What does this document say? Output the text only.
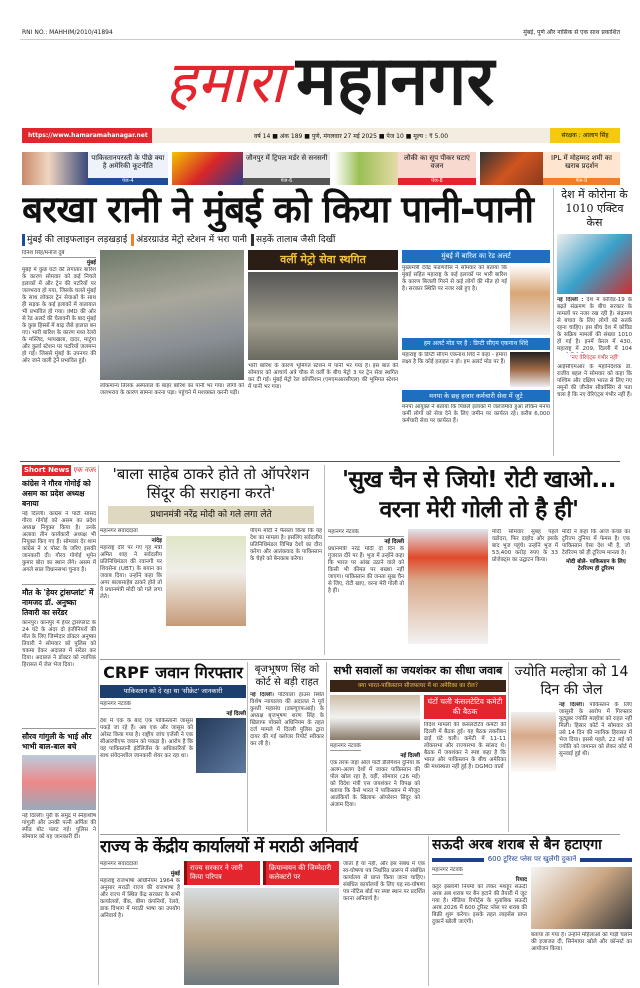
RNI NO.: MAHHIM/2010/41894	मुंबई, पुणे और नासिक से एक साथ प्रकाशित
हमारा महानगर
https://www.hamaramahanagar.net	वर्ष 14 ■ अंक 189 ■ पुणे, मंगलवार 27 मई 2025 ■ पेज 10 ■ मूल्य : ₹ 5.00	संरक्षक : आलाप सिंह
पाकिस्तानपरस्ती के पीछे क्या है अमेरिकी कूटनीति
पेज-4
जौनपुर में ट्रिपल मर्डर से सनसनी
पेज-6
लौकी का सूप पीकर घटाएं वजन
पेज-8
IPL में मोहम्मद शमी का खराब प्रदर्शन
पेज-9
बरखा रानी ने मुंबई को किया पानी-पानी
मुंबई की लाइफलाइन लड़खड़ाई	अंडरग्राउंड मेट्रो स्टेशन में भरा पानी	सड़कें तालाब जैसी दिखीं
दिनेश सिंह/मनोज दुबे
मुंबई
मुंबई में कुछ घंटों की लगातार बारिश के कारण सोमवार को कई निचले इलाकों में और ट्रेन की पटरियों पर जलभराव हो गया, जिसके चलते मुंबई के साथ लोकल ट्रेन सेवाओं के साथ ही सड़क के कई इलाकों में यातायात भी प्रभावित हो गया। IMD की ओर से रेड अलर्ट की चेतावनी के बाद मुंबई के कुछ हिस्सों में बाढ़ जैसे हालात बन गए। भारी बारिश के कारण मध्य रेलवे के मस्जिद, भायखला, दादर, माटुंगा और कुर्ला स्टेशन पर पटरियों जलमग्न हो गईं। जिससे मुंबई के उपनगर की ओर जाने वाली ट्रेनें प्रभावित हुईं।
लोकमान्य तिलक अस्पताल के बाहर बारिश का पानी भर गया। लोगों को जलभराव के कारण सामना करना पड़ा। पहुंचने में मशक्कत करनी पड़ी।
वर्ली मेट्रो सेवा स्थगित
भारी बारिश के कारण भूमिगत स्टेशन में पानी भर गया है। इस बात की सोमवार को आचार्य अत्रे चौक से वर्ली के बीच मेट्रो 3 पर ट्रेन सेवा स्थगित कर दी गई। मुंबई मेट्रो रेल कॉर्पोरेशन (एमएमआरसीएल) की भूमिगत स्टेशन में पानी भर गया।
मुंबई में बारिश का रेड अलर्ट
मुख्यमंत्री देवेंद्र फडणवीस ने सोमवार को बताया कि मुंबई सहित महाराष्ट्र के कई इलाकों पर भारी बारिश के कारण बिजली गिरने से कई लोगों की मौत हो गई है। सरकार स्थिति पर नजर रखे हुए है।
हम अलर्ट मोड पर है : डिप्टी सीएम एकनाथ शिंदे
महाराष्ट्र के डिप्टी सीएम एकनाथ शिंदे ने कहा - हमारा लक्ष्य है कि कोई हताहत न हो। हम अलर्ट मोड पर हैं।
मनपा के छह हजार कर्मचारी सेवा में जुटे
मनपा आयुक्त ने बताया कि पिछले इलाकों में जलजमाव हुआ लेकिन मनपा कर्मी लोगों को सेवा देने के लिए जमीन पर कार्यरत रहे। करीब 6,000 कर्मचारी सेवा पर कार्यरत हैं।
देश में कोरोना के 1010 एक्टिव केस
नई दिल्ली : देश में कोविड-19 के बढ़ते संक्रमण के बीच सरकार के मामलों पर नजर रख रही है। संक्रमण से बचाव के लिए लोगों को सतर्क रहना चाहिए। इस बीच देश में कोविड के सक्रिय मामलों की संख्या 1010 हो गई है। इनमें केरल में 430, महाराष्ट्र में 209, दिल्ली में 104
'नए वेरिएंट्स गंभीर नहीं'
आईसीएमआर के महानिदेशक डॉ. राजीव बहल ने सोमवार को कहा कि पश्चिम और दक्षिण भारत से लिए गए नमूनों की जीनोम सीक्वेंसिंग से पता चला है कि नए वेरिएंट्स गंभीर नहीं हैं।
Short News एक नजर
कांग्रेस ने गौरव गोगोई को असम का प्रदेश अध्यक्ष बनाया
नई दिल्ली। कांग्रेस ने पार्टी सांसद गौरव गोगोई को असम का प्रदेश अध्यक्ष नियुक्त किया है। उनके अलावा तीन कार्यकारी अध्यक्ष भी नियुक्त किए गए हैं। सोमवार देर शाम कांग्रेस ने X पोस्ट के जरिए इसकी जानकारी दी। गौरव गोगोई भूपेन कुमार बोरा का स्थान लेंगे। असम में अगले साल विधानसभा चुनाव है।
मौत के 'हेयर ट्रांसप्लांट' में नामजद डॉ. अनुष्का तिवारी का सरेंडर
कानपुर। कानपुर में हेयर ट्रांसप्लांट के 24 घंटे के अंदर दो इंजीनियरों की मौत के लिए जिम्मेदार डॉक्टर अनुष्का तिवारी ने सोमवार को पुलिस को चकमा देकर अदालत में सरेंडर कर दिया। अदालत ने डॉक्टर को न्यायिक हिरासत में जेल भेज दिया।
सौरव गांगुली के भाई और भाभी बाल-बाल बचे
नई दिल्ली। पुरी के समुद्र में स्नेहाशीष गांगुली और उनकी पत्नी अर्पिता की स्पीड बोट पलट गई। पुलिस ने सोमवार को यह जानकारी दी।
'बाला साहेब ठाकरे होते तो ऑपरेशन सिंदूर की सराहना करते'
प्रधानमंत्री नरेंद्र मोदी को गले लगा लेते
महानगर संवाददाता
नांदेड़
महाराष्ट्र दौरे पर गए गृह मंत्री अमित शाह ने सर्वदलीय प्रतिनिधिमंडल की रवानगी पर शिवसेना (UBT) के बयान का जवाब दिया। उन्होंने कहा कि अगर बालासाहेब ठाकरे होते तो वे प्रधानमंत्री मोदी को गले लगा लेते।
पीएम मोदी ने फैसला किया कि यह देश का मामला है। इसलिए सर्वदलीय प्रतिनिधिमंडल विभिन्न देशों का दौरा करेगा और आतंकवाद के पाकिस्तान के चेहरे को बेनकाब करेगा।
'सुख चैन से जियो! रोटी खाओ... वरना मेरी गोली तो है ही'
महानगर नेटवर्क
नई दिल्ली
प्रधानमंत्री नरेंद्र मोदी दो दिन के गुजरात दौरे पर हैं। भुज में उन्होंने कहा कि भारत पर आंख उठाने वाले को किसी भी कीमत पर बख्शा नहीं जाएगा। पाकिस्तान की जनता सुख चैन से जिए, रोटी खाए, वरना मेरी गोली तो है ही।
मोदी सोमवार सुबह पहले वडोदरा, फिर दाहोद और इसके बाद भुज पहुंचे। उन्होंने भुज में 53,400 करोड़ रुपए के 33 प्रोजेक्ट्स का उद्घाटन किया।
मोदी ने कहा कि आज कच्छ का टूरिज्म दुनिया में फेमस है। एक पाकिस्तान ऐसा देश भी है, जो टेररिज्म को ही टूरिज्म मानता है।
मोदी बोले- पाकिस्तान के लिए टेररिज्म ही टूरिज्म
CRPF जवान गिरफ्तार
पाकिस्तान को दे रहा था 'सीक्रेट' जानकारी
महानगर नेटवर्क
नई दिल्ली
देश में एक के बाद एक पाकिस्तानी जासूस पकड़े जा रहे हैं। अब एक और जासूस को अरेस्ट किया गया है। राष्ट्रीय जांच एजेंसी ने एक सीआरपीएफ जवान को पकड़ा है। आरोप है कि वह पाकिस्तानी इंटेलिजेंस के अधिकारियों के साथ संवेदनशील जानकारी शेयर कर रहा था।
बृजभूषण सिंह को कोर्ट से बड़ी राहत
नई दिल्ली। पटियाला हाउस स्थित विशेष न्यायालय की अदालत ने पूर्व कुश्ती महासंघ (डब्ल्यूएफआई) के अध्यक्ष बृजभूषण शरण सिंह के खिलाफ पॉक्सो अधिनियम के तहत दर्ज मामले में दिल्ली पुलिस द्वारा दायर की गई क्लोजर रिपोर्ट स्वीकार कर ली है।
सभी सवालों का जयशंकर का सीधा जवाब
क्या भारत-पाकिस्तान सीजफायर में था अमेरिका का रोल?
महानगर नेटवर्क
नई दिल्ली
एक तरफ जहां ऑल पार्टी डेलिगेशन दुनिया के अलग-अलग देशों में जाकर पाकिस्तान की पोल खोल रहा है, वहीं, सोमवार (26 मई) को विदेश मंत्री एस जयशंकर ने विपक्ष को बताया कि कैसे भारत ने पाकिस्तान में मौजूद आतंकियों के खिलाफ ऑपरेशन सिंदूर को अंजाम दिया।
घंटों चली कंसलटेटिव कमेटी की बैठक
विदेश मामलों की कंसलटेटिव कमेटी की दिल्ली में बैठक हुई। यह बैठक तकरीबन ढाई घंटे चली। कमेटी में 11-11 लोकसभा और राज्यसभा के सांसद थे। बैठक में जयशंकर ने स्पष्ट कहा है कि भारत और पाकिस्तान के बीच अमेरिका की मध्यस्थता नहीं हुई है। DGMO वार्ता
ज्योति मल्होत्रा को 14 दिन की जेल
नई दिल्ली। पाकिस्तान के लिए जासूसी के आरोप में गिरफ्तार यूट्यूबर ज्योति मल्होत्रा को राहत नहीं मिली। हिसार कोर्ट ने सोमवार को उसे 14 दिन की न्यायिक हिरासत में भेज दिया। इससे पहले, 22 मई को ज्योति को जमानत को लेकर कोर्ट में सुनवाई हुई थी।
राज्य के केंद्रीय कार्यालयों में मराठी अनिवार्य
महानगर संवाददाता
मुंबई
महाराष्ट्र राजभाषा अधिनियम 1964 के अनुसार मराठी राज्य की राजभाषा है और राज्य में स्थित केंद्र सरकार के सभी कार्यालयों, बैंक, बीमा कंपनियों, रेलवे, डाक विभाग में मराठी भाषा का उपयोग अनिवार्य है।
राज्य सरकार ने जारी किया परिपत्र
क्रियान्वयन की जिम्मेदारी कलेक्टरों पर
जाता है या नहीं, और इस संबंध में एक स्व-घोषणा पत्र निर्धारित प्रारूप में संबंधित कार्यालय से प्राप्त किया जाना चाहिए। संबंधित कार्यालयों के लिए यह स्व-घोषणा पत्र नोटिस बोर्ड पर स्पष्ट स्थान पर प्रदर्शित करना अनिवार्य है।
सऊदी अरब शराब से बैन हटाएगा
600 टूरिस्ट प्लेस पर खुलेंगी दुकानें
महानगर नेटवर्क
रियाद
कट्टर इस्लामी नियमों को लेकर मशहूर सऊदी अरब अब शराब पर बैन हटाने की तैयारी में जुट गया है। मीडिया रिपोर्ट्स के मुताबिक सऊदी अरब 2026 में 600 टूरिस्ट प्लेस पर शराब की बिक्री शुरू करेगा। इसके तहत लाइसेंस प्राप्त दुकानें खोली जाएंगी।
बताया तो गया है। उन्होंने महिलाओं को गाड़ी चलाने की इजाजत दी, सिनेमाघर खोले और कॉन्सर्ट का आयोजन किया।
